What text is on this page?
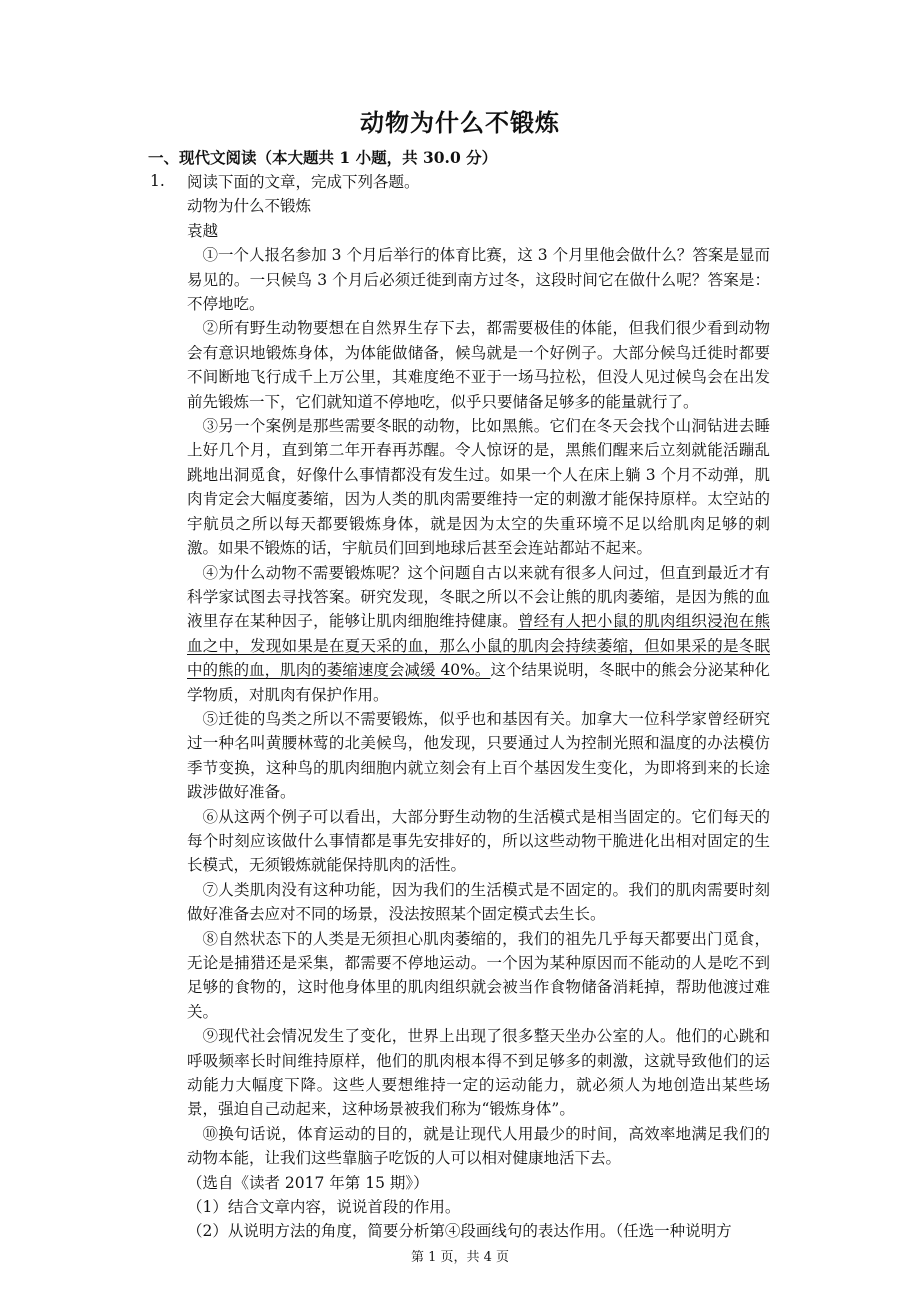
动物为什么不锻炼
一、现代文阅读（本大题共 1 小题，共 30.0 分）
1. 阅读下面的文章，完成下列各题。

动物为什么不锻炼

袁越

①一个人报名参加 3 个月后举行的体育比赛，这 3 个月里他会做什么？答案是显而易见的。一只候鸟 3 个月后必须迁徙到南方过冬，这段时间它在做什么呢？答案是：不停地吃。

②所有野生动物要想在自然界生存下去，都需要极佳的体能，但我们很少看到动物会有意识地锻炼身体，为体能做储备，候鸟就是一个好例子。大部分候鸟迁徙时都要不间断地飞行成千上万公里，其难度绝不亚于一场马拉松，但没人见过候鸟会在出发前先锻炼一下，它们就知道不停地吃，似乎只要储备足够多的能量就行了。

③另一个案例是那些需要冬眠的动物，比如黑熊。它们在冬天会找个山洞钻进去睡上好几个月，直到第二年开春再苏醒。令人惊讶的是，黑熊们醒来后立刻就能活蹦乱跳地出洞觅食，好像什么事情都没有发生过。如果一个人在床上躺 3 个月不动弹，肌肉肯定会大幅度萎缩，因为人类的肌肉需要维持一定的刺激才能保持原样。太空站的宇航员之所以每天都要锻炼身体，就是因为太空的失重环境不足以给肌肉足够的刺激。如果不锻炼的话，宇航员们回到地球后甚至会连站都站不起来。

④为什么动物不需要锻炼呢？这个问题自古以来就有很多人问过，但直到最近才有科学家试图去寻找答案。研究发现，冬眠之所以不会让熊的肌肉萎缩，是因为熊的血液里存在某种因子，能够让肌肉细胞维持健康。曾经有人把小鼠的肌肉组织浸泡在熊血之中，发现如果是在夏天采的血，那么小鼠的肌肉会持续萎缩，但如果采的是冬眠中的熊的血，肌肉的萎缩速度会减缓 40%。这个结果说明，冬眠中的熊会分泌某种化学物质，对肌肉有保护作用。

⑤迁徙的鸟类之所以不需要锻炼，似乎也和基因有关。加拿大一位科学家曾经研究过一种名叫黄腰林莺的北美候鸟，他发现，只要通过人为控制光照和温度的办法模仿季节变换，这种鸟的肌肉细胞内就立刻会有上百个基因发生变化，为即将到来的长途跋涉做好准备。

⑥从这两个例子可以看出，大部分野生动物的生活模式是相当固定的。它们每天的每个时刻应该做什么事情都是事先安排好的，所以这些动物干脆进化出相对固定的生长模式，无须锻炼就能保持肌肉的活性。

⑦人类肌肉没有这种功能，因为我们的生活模式是不固定的。我们的肌肉需要时刻做好准备去应对不同的场景，没法按照某个固定模式去生长。

⑧自然状态下的人类是无须担心肌肉萎缩的，我们的祖先几乎每天都要出门觅食，无论是捕猎还是采集，都需要不停地运动。一个因为某种原因而不能动的人是吃不到足够的食物的，这时他身体里的肌肉组织就会被当作食物储备消耗掉，帮助他渡过难关。

⑨现代社会情况发生了变化，世界上出现了很多整天坐办公室的人。他们的心跳和呼吸频率长时间维持原样，他们的肌肉根本得不到足够多的刺激，这就导致他们的运动能力大幅度下降。这些人要想维持一定的运动能力，就必须人为地创造出某些场景，强迫自己动起来，这种场景被我们称为“锻炼身体”。

⑩换句话说，体育运动的目的，就是让现代人用最少的时间，高效率地满足我们的动物本能，让我们这些靠脑子吃饭的人可以相对健康地活下去。

（选自《读者 2017 年第 15 期》）

（1）结合文章内容，说说首段的作用。

（2）从说明方法的角度，简要分析第④段画线句的表达作用。（任选一种说明方

第 1 页，共 4 页
